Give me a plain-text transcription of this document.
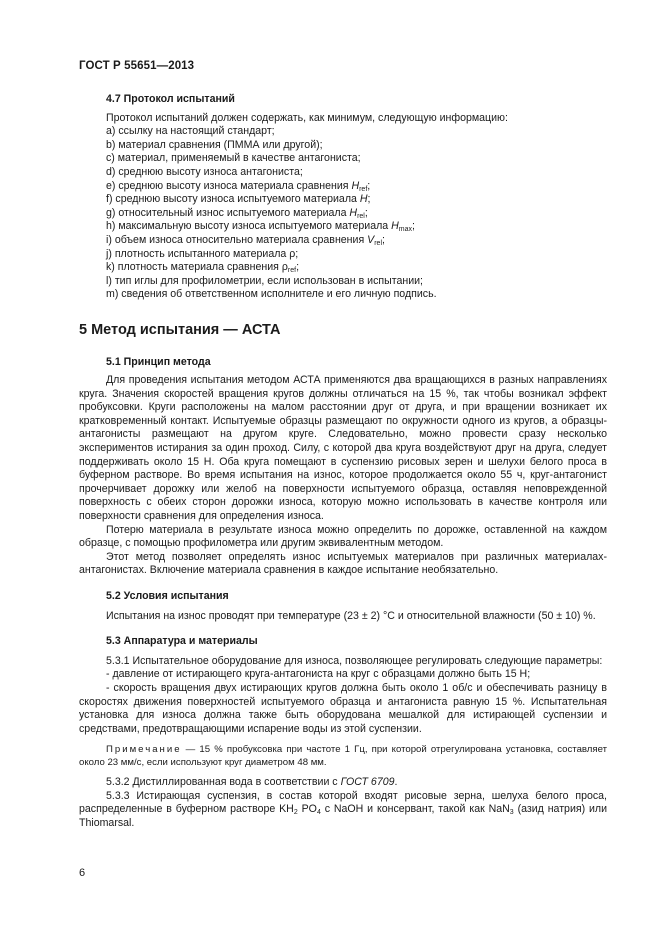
ГОСТ Р 55651—2013
4.7 Протокол испытаний
Протокол испытаний должен содержать, как минимум, следующую информацию:
a) ссылку на настоящий стандарт;
b) материал сравнения (ПММА или другой);
c) материал, применяемый в качестве антагониста;
d) среднюю высоту износа антагониста;
e) среднюю высоту износа материала сравнения $H_{ref}$;
f) среднюю высоту износа испытуемого материала H;
g) относительный износ испытуемого материала $H_{rel}$;
h) максимальную высоту износа испытуемого материала $H_{max}$;
i) объем износа относительно материала сравнения $V_{rel}$;
j) плотность испытанного материала ρ;
k) плотность материала сравнения $\rho_{ref}$;
l) тип иглы для профилометрии, если использован в испытании;
m) сведения об ответственном исполнителе и его личную подпись.
5 Метод испытания — АСТА
5.1 Принцип метода
Для проведения испытания методом АСТА применяются два вращающихся в разных направлениях круга. Значения скоростей вращения кругов должны отличаться на 15 %, так чтобы возникал эффект пробуксовки. Круги расположены на малом расстоянии друг от друга, и при вращении возникает их кратковременный контакт. Испытуемые образцы размещают по окружности одного из кругов, а образцы-антагонисты размещают на другом круге. Следовательно, можно провести сразу несколько экспериментов истирания за один проход. Силу, с которой два круга воздействуют друг на друга, следует поддерживать около 15 Н. Оба круга помещают в суспензию рисовых зерен и шелухи белого проса в буферном растворе. Во время испытания на износ, которое продолжается около 55 ч, круг-антагонист прочерчивает дорожку или желоб на поверхности испытуемого образца, оставляя неповрежденной поверхность с обеих сторон дорожки износа, которую можно использовать в качестве контроля или поверхности сравнения для определения износа.
Потерю материала в результате износа можно определить по дорожке, оставленной на каждом образце, с помощью профилометра или другим эквивалентным методом.
Этот метод позволяет определять износ испытуемых материалов при различных материалах-антагонистах. Включение материала сравнения в каждое испытание необязательно.
5.2 Условия испытания
Испытания на износ проводят при температуре (23 ± 2) °С и относительной влажности (50 ± 10) %.
5.3 Аппаратура и материалы
5.3.1 Испытательное оборудование для износа, позволяющее регулировать следующие параметры:
- давление от истирающего круга-антагониста на круг с образцами должно быть 15 Н;
- скорость вращения двух истирающих кругов должна быть около 1 об/с и обеспечивать разницу в скоростях движения поверхностей испытуемого образца и антагониста равную 15 %. Испытательная установка для износа должна также быть оборудована мешалкой для истирающей суспензии и средствами, предотвращающими испарение воды из этой суспензии.
Примечание — 15 % пробуксовка при частоте 1 Гц, при которой отрегулирована установка, составляет около 23 мм/с, если используют круг диаметром 48 мм.
5.3.2 Дистиллированная вода в соответствии с ГОСТ 6709.
5.3.3 Истирающая суспензия, в состав которой входят рисовые зерна, шелуха белого проса, распределенные в буферном растворе $KH_2$ $PO_4$ с NaOH и консервант, такой как NaN$_3$ (азид натрия) или Thiomarsal.
6
